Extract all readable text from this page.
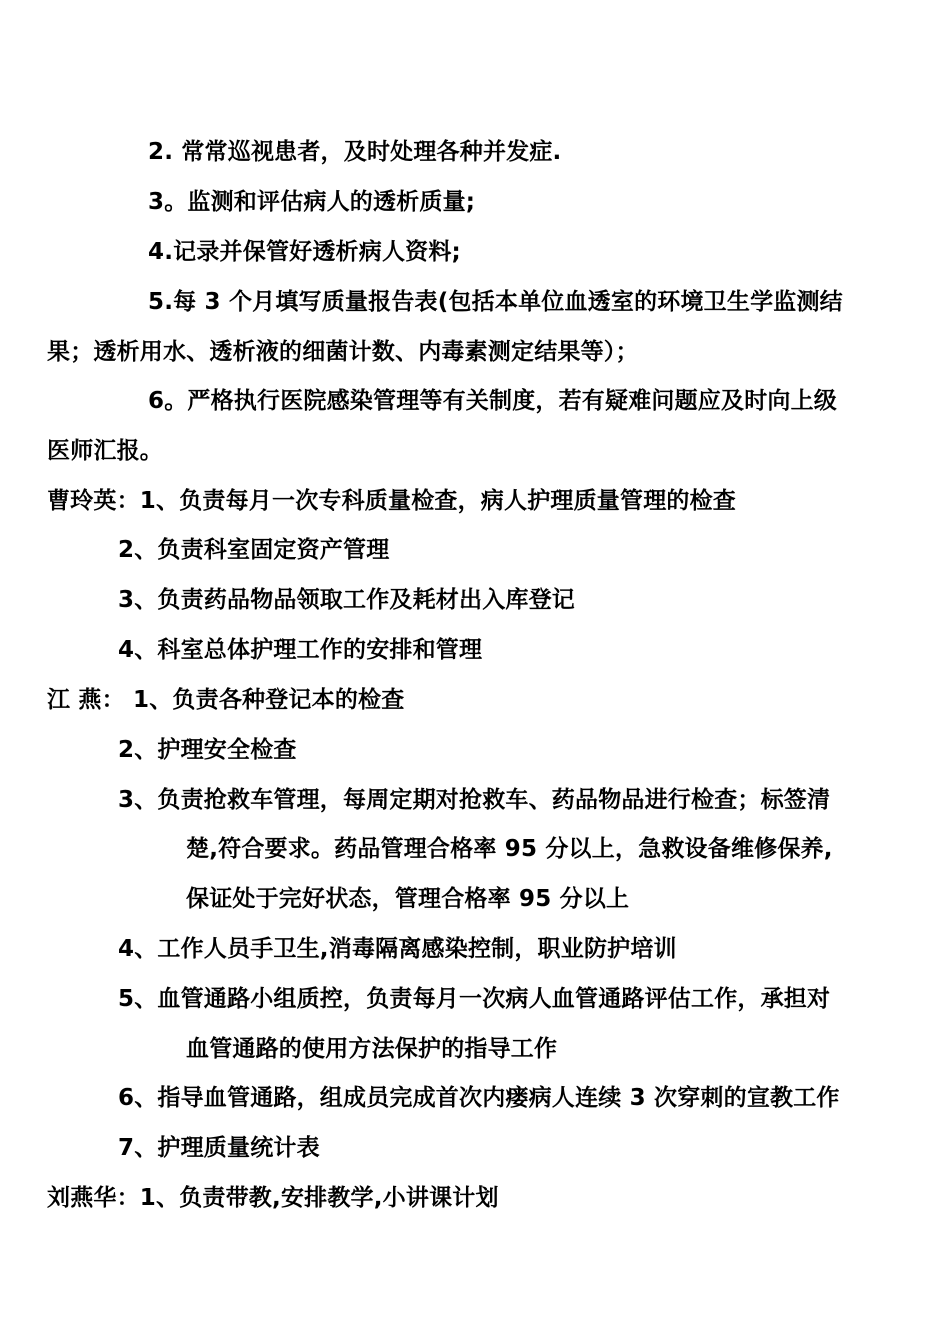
2. 常常巡视患者，及时处理各种并发症.
3。监测和评估病人的透析质量;
4.记录并保管好透析病人资料;
5.每 3 个月填写质量报告表(包括本单位血透室的环境卫生学监测结
果；透析用水、透析液的细菌计数、内毒素测定结果等）；
6。严格执行医院感染管理等有关制度，若有疑难问题应及时向上级
医师汇报。
曹玲英：1、负责每月一次专科质量检查，病人护理质量管理的检查
2、负责科室固定资产管理
3、负责药品物品领取工作及耗材出入库登记
4、科室总体护理工作的安排和管理
江 燕： 1、负责各种登记本的检查
2、护理安全检查
3、负责抢救车管理，每周定期对抢救车、药品物品进行检查；标签清
楚,符合要求。药品管理合格率 95 分以上，急救设备维修保养,
保证处于完好状态，管理合格率 95 分以上
4、工作人员手卫生,消毒隔离感染控制，职业防护培训
5、血管通路小组质控，负责每月一次病人血管通路评估工作，承担对
血管通路的使用方法保护的指导工作
6、指导血管通路，组成员完成首次内瘘病人连续 3 次穿刺的宣教工作
7、护理质量统计表
刘燕华：1、负责带教,安排教学,小讲课计划
